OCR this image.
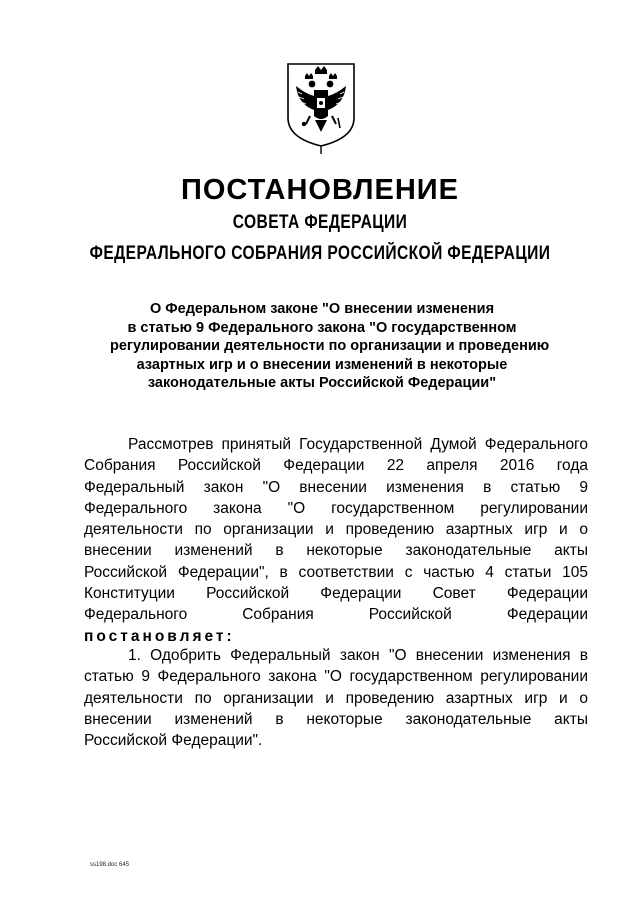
ПОСТАНОВЛЕНИЕ
СОВЕТА ФЕДЕРАЦИИ
ФЕДЕРАЛЬНОГО СОБРАНИЯ РОССИЙСКОЙ ФЕДЕРАЦИИ
О Федеральном законе "О внесении изменения
в статью 9 Федерального закона "О государственном
регулировании деятельности по организации и проведению
азартных игр и о внесении изменений в некоторые
законодательные акты Российской Федерации"
Рассмотрев принятый Государственной Думой Федерального
Собрания Российской Федерации 22 апреля 2016 года
Федеральный закон "О внесении изменения в статью 9
Федерального закона "О государственном регулировании
деятельности по организации и проведению азартных игр и о
внесении изменений в некоторые законодательные акты
Российской Федерации", в соответствии с частью 4 статьи 105
Конституции Российской Федерации Совет Федерации
Федерального Собрания Российской Федерации
постановляет:
1. Одобрить Федеральный закон "О внесении изменения в
статью 9 Федерального закона "О государственном регулировании
деятельности по организации и проведению азартных игр и о
внесении изменений в некоторые законодательные акты
Российской Федерации".
ss198.doc 645
